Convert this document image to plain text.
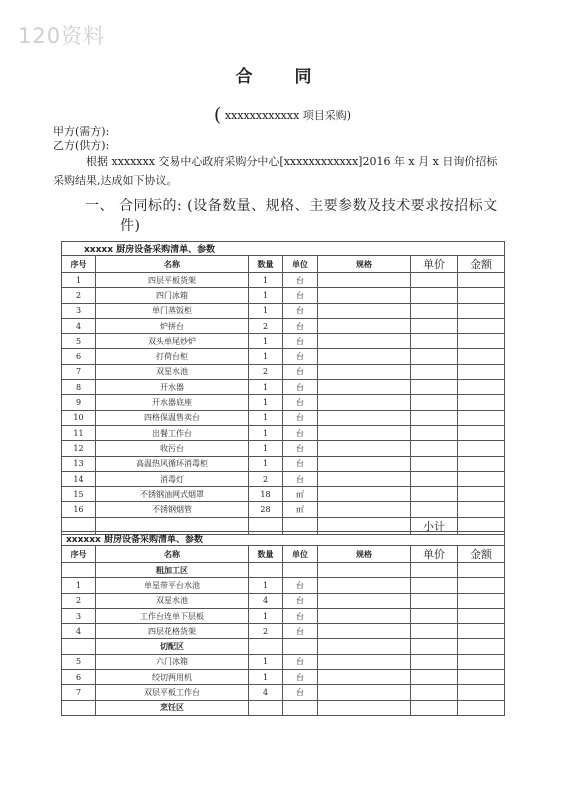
120资料
合 同
( xxxxxxxxxxxx 项目采购)
甲方(需方):
乙方(供方):
根据 xxxxxxx 交易中心政府采购分中心[xxxxxxxxxxxx]2016 年 x 月 x 日询价招标采购结果,达成如下协议。
一、 合同标的: (设备数量、规格、主要参数及技术要求按招标文
件)
xxxxx 厨房设备采购清单、参数						
序号	名称	数量	单位	规格	单价	金额
1	四层平板货架	1	台			
2	四门冰箱	1	台			
3	单门蒸饭柜	1	台			
4	炉拼台	2	台			
5	双头单尾炒炉	1	台			
6	打荷台柜	1	台			
7	双星水池	2	台			
8	开水器	1	台			
9	开水器底座	1	台			
10	四格保温售卖台	1	台			
11	出餐工作台	1	台			
12	收污台	1	台			
13	高温热风循环消毒柜	1	台			
14	消毒灯	2	台			
15	不锈钢油网式烟罩	18	㎡			
16	不锈钢烟管	28	㎡			
					小计	
xxxxxx 厨房设备采购清单、参数						
序号	名称	数量	单位	规格	单价	金额
	粗加工区					
1	单星带平台水池	1	台			
2	双星水池	4	台			
3	工作台连单下层板	1	台			
4	四层花格货架	2	台			
	切配区					
5	六门冰箱	1	台			
6	绞切两用机	1	台			
7	双层平板工作台	4	台			
	烹饪区					
